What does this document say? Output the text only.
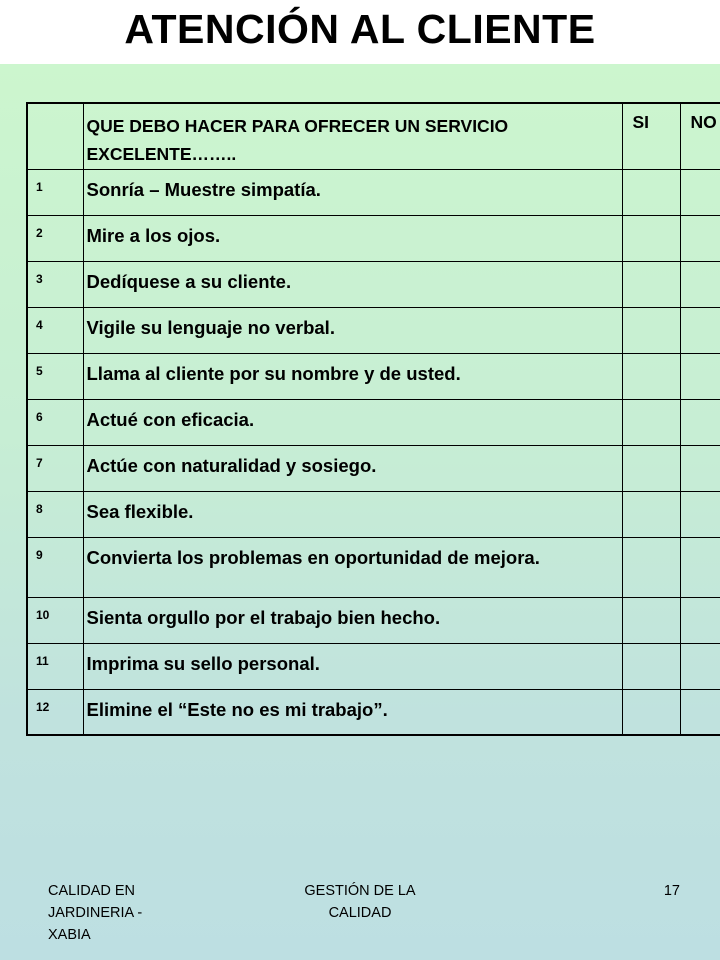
ATENCIÓN AL CLIENTE
	QUE DEBO HACER PARA OFRECER UN SERVICIO EXCELENTE……..	SI	NO
1	Sonría – Muestre simpatía.		
2	Mire a los ojos.		
3	Dedíquese a su cliente.		
4	Vigile su lenguaje no verbal.		
5	Llama al cliente por su nombre y de usted.		
6	Actué con eficacia.		
7	Actúe con naturalidad y sosiego.		
8	Sea flexible.		
9	Convierta los problemas en oportunidad de mejora.		
10	Sienta orgullo por el trabajo bien hecho.		
11	Imprima su sello personal.		
12	Elimine el “Este no es mi trabajo”.		
CALIDAD EN JARDINERIA - XABIA
GESTIÓN DE LA CALIDAD
17
